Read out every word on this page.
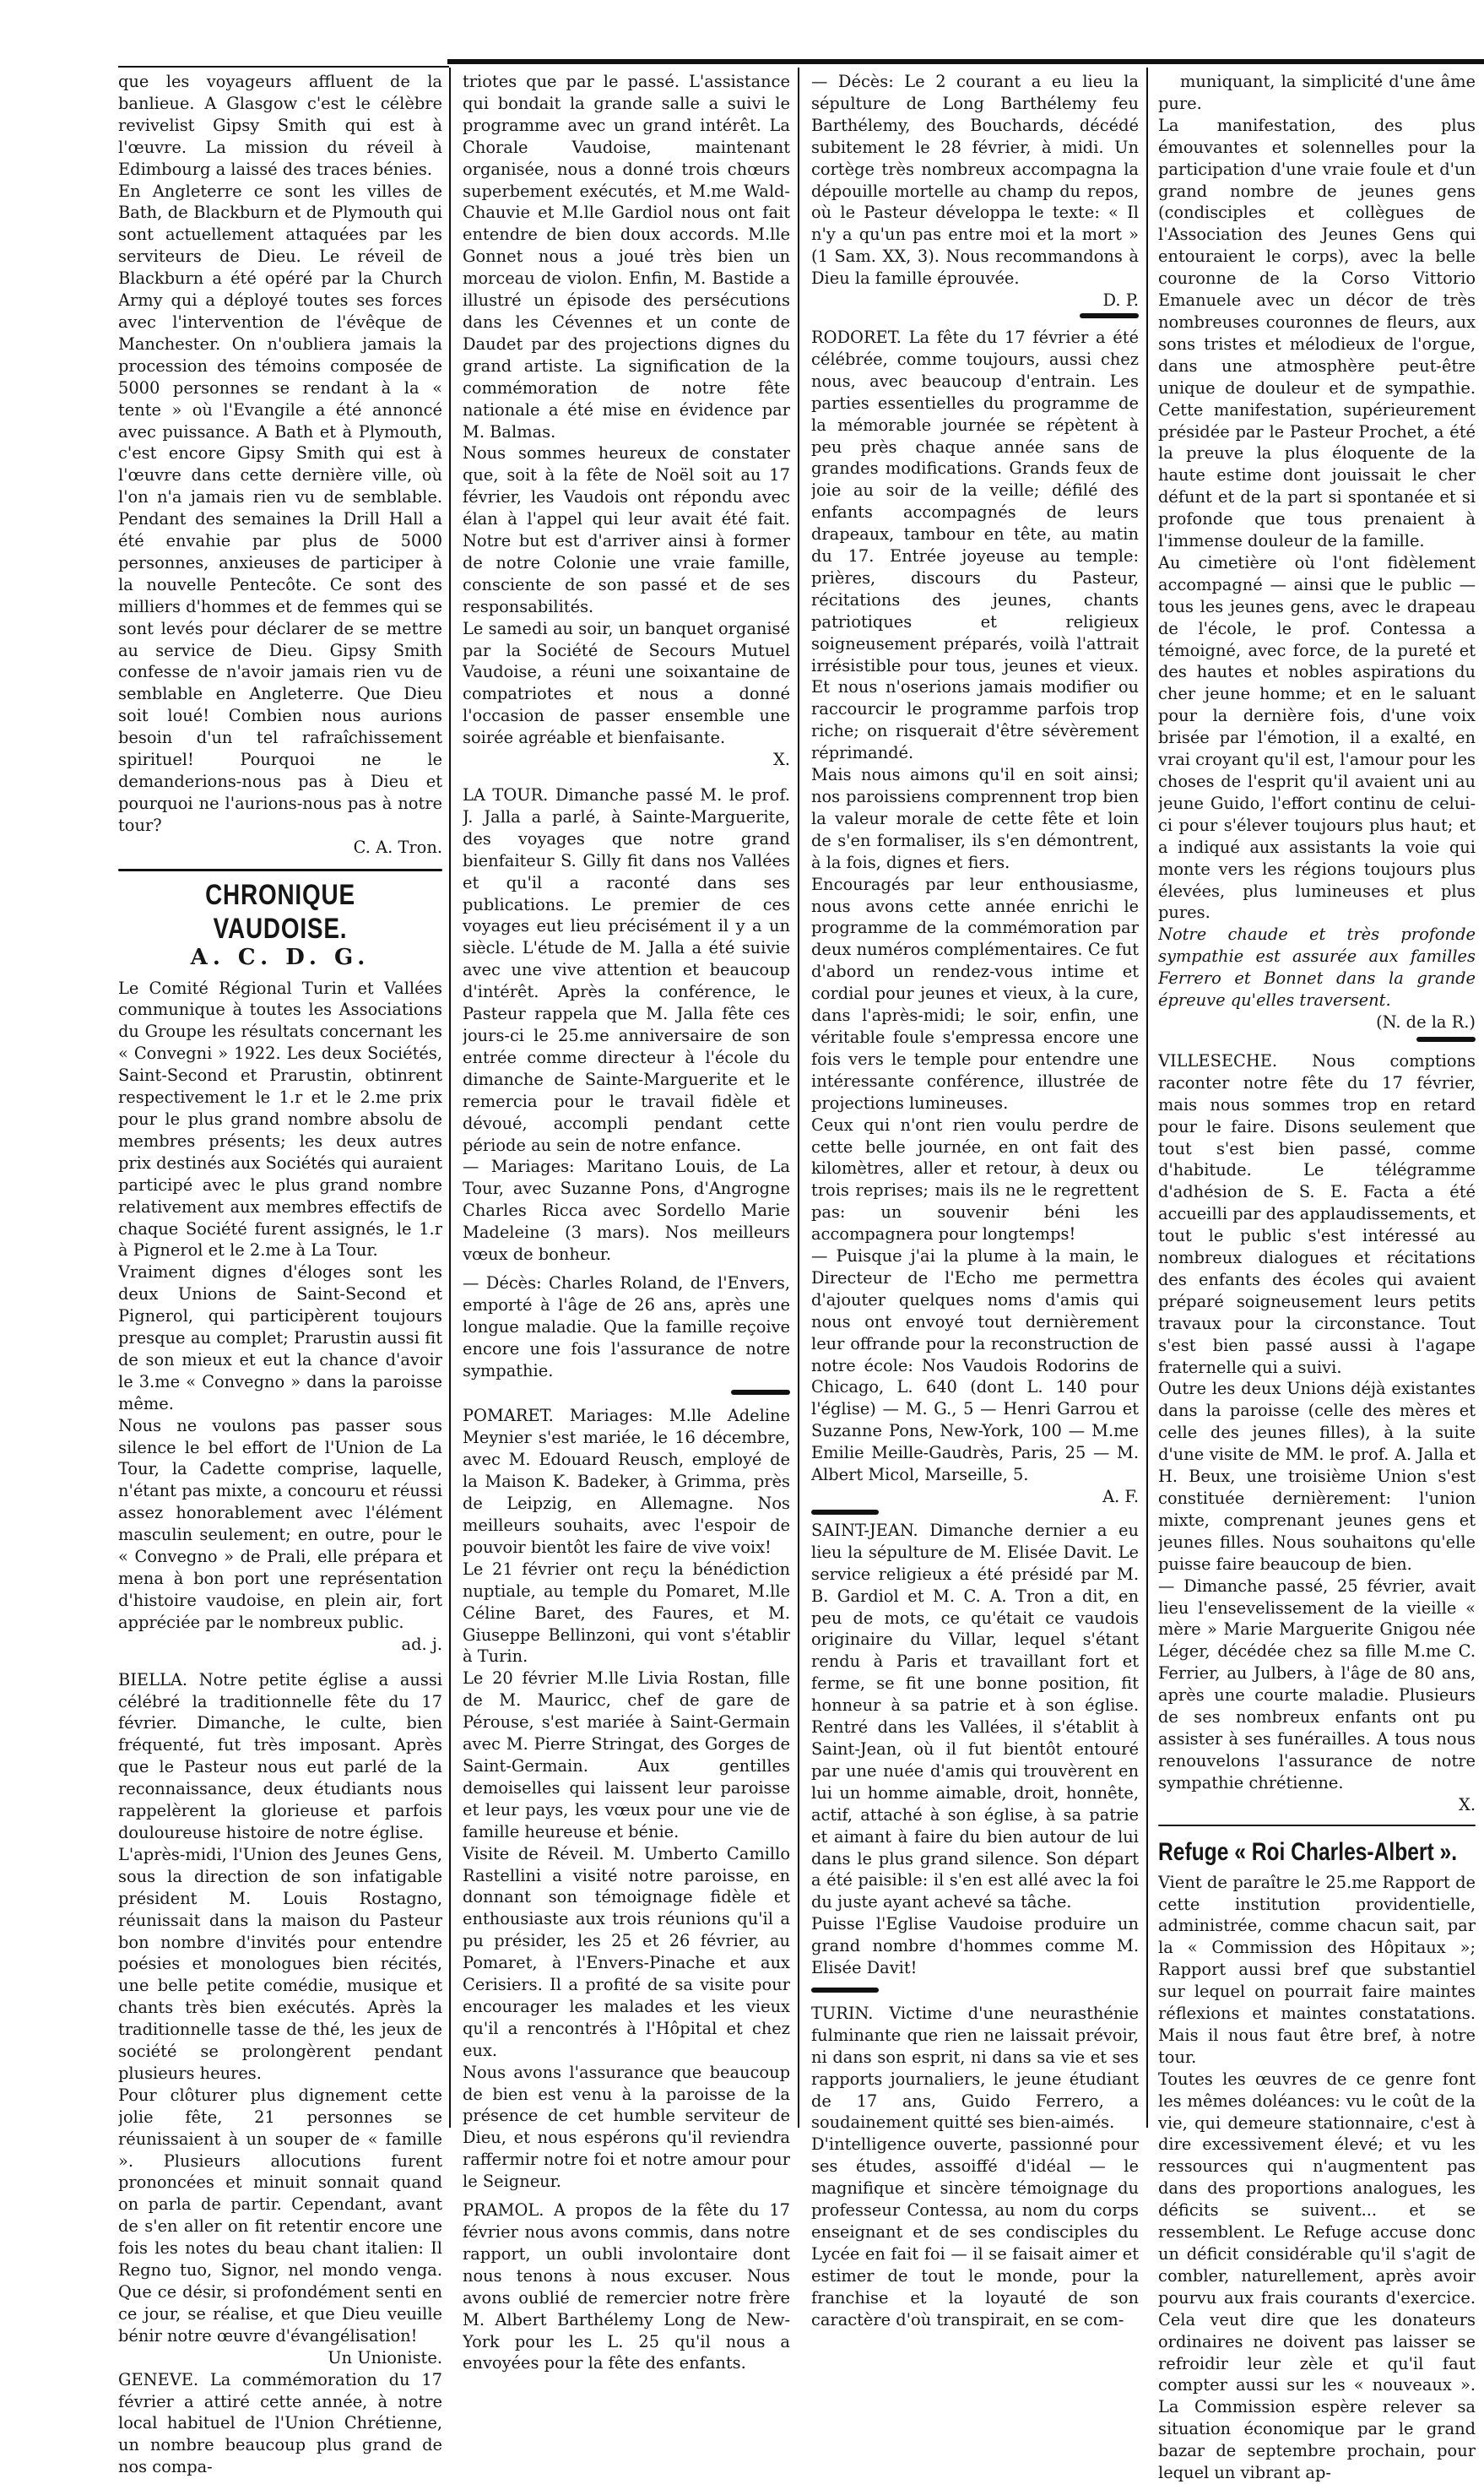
que les voyageurs affluent de la banlieue. A Glasgow c'est le célèbre revivelist Gipsy Smith qui est à l'œuvre. La mission du réveil à Edimbourg a laissé des traces bénies.

En Angleterre ce sont les villes de Bath, de Blackburn et de Plymouth qui sont actuellement attaquées par les serviteurs de Dieu. Le réveil de Blackburn a été opéré par la Church Army qui a déployé toutes ses forces avec l'intervention de l'évêque de Manchester. On n'oubliera jamais la procession des témoins composée de 5000 personnes se rendant à la « tente » où l'Evangile a été annoncé avec puissance. A Bath et à Plymouth, c'est encore Gipsy Smith qui est à l'œuvre dans cette dernière ville, où l'on n'a jamais rien vu de semblable. Pendant des semaines la Drill Hall a été envahie par plus de 5000 personnes, anxieuses de participer à la nouvelle Pentecôte. Ce sont des milliers d'hommes et de femmes qui se sont levés pour déclarer de se mettre au service de Dieu. Gipsy Smith confesse de n'avoir jamais rien vu de semblable en Angleterre. Que Dieu soit loué! Combien nous aurions besoin d'un tel rafraîchissement spirituel! Pourquoi ne le demanderions-nous pas à Dieu et pourquoi ne l'aurions-nous pas à notre tour?

C. A. Tron.

CHRONIQUE VAUDOISE.
A. C. D. G.

Le Comité Régional Turin et Vallées communique à toutes les Associations du Groupe les résultats concernant les « Convegni » 1922. Les deux Sociétés, Saint-Second et Prarustin, obtinrent respectivement le 1.r et le 2.me prix pour le plus grand nombre absolu de membres présents; les deux autres prix destinés aux Sociétés qui auraient participé avec le plus grand nombre relativement aux membres effectifs de chaque Société furent assignés, le 1.r à Pignerol et le 2.me à La Tour.

Vraiment dignes d'éloges sont les deux Unions de Saint-Second et Pignerol, qui participèrent toujours presque au complet; Prarustin aussi fit de son mieux et eut la chance d'avoir le 3.me « Convegno » dans la paroisse même.

Nous ne voulons pas passer sous silence le bel effort de l'Union de La Tour, la Cadette comprise, laquelle, n'étant pas mixte, a concouru et réussi assez honorablement avec l'élément masculin seulement; en outre, pour le « Convegno » de Prali, elle prépara et mena à bon port une représentation d'histoire vaudoise, en plein air, fort appréciée par le nombreux public.

ad. j.

BIELLA. Notre petite église a aussi célébré la traditionnelle fête du 17 février. Dimanche, le culte, bien fréquenté, fut très imposant. Après que le Pasteur nous eut parlé de la reconnaissance, deux étudiants nous rappelèrent la glorieuse et parfois douloureuse histoire de notre église.

L'après-midi, l'Union des Jeunes Gens, sous la direction de son infatigable président M. Louis Rostagno, réunissait dans la maison du Pasteur bon nombre d'invités pour entendre poésies et monologues bien récités, une belle petite comédie, musique et chants très bien exécutés. Après la traditionnelle tasse de thé, les jeux de société se prolongèrent pendant plusieurs heures.

Pour clôturer plus dignement cette jolie fête, 21 personnes se réunissaient à un souper de « famille ». Plusieurs allocutions furent prononcées et minuit sonnait quand on parla de partir. Cependant, avant de s'en aller on fit retentir encore une fois les notes du beau chant italien: Il Regno tuo, Signor, nel mondo venga. Que ce désir, si profondément senti en ce jour, se réalise, et que Dieu veuille bénir notre œuvre d'évangélisation!

Un Unioniste.

GENEVE. La commémoration du 17 février a attiré cette année, à notre local habituel de l'Union Chrétienne, un nombre beaucoup plus grand de nos compa-

triotes que par le passé. L'assistance qui bondait la grande salle a suivi le programme avec un grand intérêt. La Chorale Vaudoise, maintenant organisée, nous a donné trois chœurs superbement exécutés, et M.me Wald-Chauvie et M.lle Gardiol nous ont fait entendre de bien doux accords. M.lle Gonnet nous a joué très bien un morceau de violon. Enfin, M. Bastide a illustré un épisode des persécutions dans les Cévennes et un conte de Daudet par des projections dignes du grand artiste. La signification de la commémoration de notre fête nationale a été mise en évidence par M. Balmas.

Nous sommes heureux de constater que, soit à la fête de Noël soit au 17 février, les Vaudois ont répondu avec élan à l'appel qui leur avait été fait. Notre but est d'arriver ainsi à former de notre Colonie une vraie famille, consciente de son passé et de ses responsabilités.

Le samedi au soir, un banquet organisé par la Société de Secours Mutuel Vaudoise, a réuni une soixantaine de compatriotes et nous a donné l'occasion de passer ensemble une soirée agréable et bienfaisante.

X.

LA TOUR. Dimanche passé M. le prof. J. Jalla a parlé, à Sainte-Marguerite, des voyages que notre grand bienfaiteur S. Gilly fit dans nos Vallées et qu'il a raconté dans ses publications. Le premier de ces voyages eut lieu précisément il y a un siècle. L'étude de M. Jalla a été suivie avec une vive attention et beaucoup d'intérêt. Après la conférence, le Pasteur rappela que M. Jalla fête ces jours-ci le 25.me anniversaire de son entrée comme directeur à l'école du dimanche de Sainte-Marguerite et le remercia pour le travail fidèle et dévoué, accompli pendant cette période au sein de notre enfance.

— Mariages: Maritano Louis, de La Tour, avec Suzanne Pons, d'Angrogne Charles Ricca avec Sordello Marie Madeleine (3 mars). Nos meilleurs vœux de bonheur.

— Décès: Charles Roland, de l'Envers, emporté à l'âge de 26 ans, après une longue maladie. Que la famille reçoive encore une fois l'assurance de notre sympathie.

POMARET. Mariages: M.lle Adeline Meynier s'est mariée, le 16 décembre, avec M. Edouard Reusch, employé de la Maison K. Badeker, à Grimma, près de Leipzig, en Allemagne. Nos meilleurs souhaits, avec l'espoir de pouvoir bientôt les faire de vive voix!

Le 21 février ont reçu la bénédiction nuptiale, au temple du Pomaret, M.lle Céline Baret, des Faures, et M. Giuseppe Bellinzoni, qui vont s'établir à Turin.

Le 20 février M.lle Livia Rostan, fille de M. Mauricc, chef de gare de Pérouse, s'est mariée à Saint-Germain avec M. Pierre Stringat, des Gorges de Saint-Germain. Aux gentilles demoiselles qui laissent leur paroisse et leur pays, les vœux pour une vie de famille heureuse et bénie.

Visite de Réveil. M. Umberto Camillo Rastellini a visité notre paroisse, en donnant son témoignage fidèle et enthousiaste aux trois réunions qu'il a pu présider, les 25 et 26 février, au Pomaret, à l'Envers-Pinache et aux Cerisiers. Il a profité de sa visite pour encourager les malades et les vieux qu'il a rencontrés à l'Hôpital et chez eux.

Nous avons l'assurance que beaucoup de bien est venu à la paroisse de la présence de cet humble serviteur de Dieu, et nous espérons qu'il reviendra raffermir notre foi et notre amour pour le Seigneur.

PRAMOL. A propos de la fête du 17 février nous avons commis, dans notre rapport, un oubli involontaire dont nous tenons à nous excuser. Nous avons oublié de remercier notre frère M. Albert Barthélemy Long de New-York pour les L. 25 qu'il nous a envoyées pour la fête des enfants.

— Décès: Le 2 courant a eu lieu la sépulture de Long Barthélemy feu Barthélemy, des Bouchards, décédé subitement le 28 février, à midi. Un cortège très nombreux accompagna la dépouille mortelle au champ du repos, où le Pasteur développa le texte: « Il n'y a qu'un pas entre moi et la mort » (1 Sam. XX, 3). Nous recommandons à Dieu la famille éprouvée.

D. P.

RODORET. La fête du 17 février a été célébrée, comme toujours, aussi chez nous, avec beaucoup d'entrain. Les parties essentielles du programme de la mémorable journée se répètent à peu près chaque année sans de grandes modifications. Grands feux de joie au soir de la veille; défilé des enfants accompagnés de leurs drapeaux, tambour en tête, au matin du 17. Entrée joyeuse au temple: prières, discours du Pasteur, récitations des jeunes, chants patriotiques et religieux soigneusement préparés, voilà l'attrait irrésistible pour tous, jeunes et vieux. Et nous n'oserions jamais modifier ou raccourcir le programme parfois trop riche; on risquerait d'être sévèrement réprimandé.

Mais nous aimons qu'il en soit ainsi; nos paroissiens comprennent trop bien la valeur morale de cette fête et loin de s'en formaliser, ils s'en démontrent, à la fois, dignes et fiers.

Encouragés par leur enthousiasme, nous avons cette année enrichi le programme de la commémoration par deux numéros complémentaires. Ce fut d'abord un rendez-vous intime et cordial pour jeunes et vieux, à la cure, dans l'après-midi; le soir, enfin, une véritable foule s'empressa encore une fois vers le temple pour entendre une intéressante conférence, illustrée de projections lumineuses.

Ceux qui n'ont rien voulu perdre de cette belle journée, en ont fait des kilomètres, aller et retour, à deux ou trois reprises; mais ils ne le regrettent pas: un souvenir béni les accompagnera pour longtemps!

— Puisque j'ai la plume à la main, le Directeur de l'Echo me permettra d'ajouter quelques noms d'amis qui nous ont envoyé tout dernièrement leur offrande pour la reconstruction de notre école: Nos Vaudois Rodorins de Chicago, L. 640 (dont L. 140 pour l'église) — M. G., 5 — Henri Garrou et Suzanne Pons, New-York, 100 — M.me Emilie Meille-Gaudrès, Paris, 25 — M. Albert Micol, Marseille, 5.

A. F.

SAINT-JEAN. Dimanche dernier a eu lieu la sépulture de M. Elisée Davit. Le service religieux a été présidé par M. B. Gardiol et M. C. A. Tron a dit, en peu de mots, ce qu'était ce vaudois originaire du Villar, lequel s'étant rendu à Paris et travaillant fort et ferme, se fit une bonne position, fit honneur à sa patrie et à son église. Rentré dans les Vallées, il s'établit à Saint-Jean, où il fut bientôt entouré par une nuée d'amis qui trouvèrent en lui un homme aimable, droit, honnête, actif, attaché à son église, à sa patrie et aimant à faire du bien autour de lui dans le plus grand silence. Son départ a été paisible: il s'en est allé avec la foi du juste ayant achevé sa tâche.

Puisse l'Eglise Vaudoise produire un grand nombre d'hommes comme M. Elisée Davit!

TURIN. Victime d'une neurasthénie fulminante que rien ne laissait prévoir, ni dans son esprit, ni dans sa vie et ses rapports journaliers, le jeune étudiant de 17 ans, Guido Ferrero, a soudainement quitté ses bien-aimés.

D'intelligence ouverte, passionné pour ses études, assoiffé d'idéal — le magnifique et sincère témoignage du professeur Contessa, au nom du corps enseignant et de ses condisciples du Lycée en fait foi — il se faisait aimer et estimer de tout le monde, pour la franchise et la loyauté de son caractère d'où transpirait, en se com-

muniquant, la simplicité d'une âme pure.

La manifestation, des plus émouvantes et solennelles pour la participation d'une vraie foule et d'un grand nombre de jeunes gens (condisciples et collègues de l'Association des Jeunes Gens qui entouraient le corps), avec la belle couronne de la Corso Vittorio Emanuele avec un décor de très nombreuses couronnes de fleurs, aux sons tristes et mélodieux de l'orgue, dans une atmosphère peut-être unique de douleur et de sympathie. Cette manifestation, supérieurement présidée par le Pasteur Prochet, a été la preuve la plus éloquente de la haute estime dont jouissait le cher défunt et de la part si spontanée et si profonde que tous prenaient à l'immense douleur de la famille.

Au cimetière où l'ont fidèlement accompagné — ainsi que le public — tous les jeunes gens, avec le drapeau de l'école, le prof. Contessa a témoigné, avec force, de la pureté et des hautes et nobles aspirations du cher jeune homme; et en le saluant pour la dernière fois, d'une voix brisée par l'émotion, il a exalté, en vrai croyant qu'il est, l'amour pour les choses de l'esprit qu'il avaient uni au jeune Guido, l'effort continu de celui-ci pour s'élever toujours plus haut; et a indiqué aux assistants la voie qui monte vers les régions toujours plus élevées, plus lumineuses et plus pures.

Notre chaude et très profonde sympathie est assurée aux familles Ferrero et Bonnet dans la grande épreuve qu'elles traversent.

(N. de la R.)

VILLESECHE. Nous comptions raconter notre fête du 17 février, mais nous sommes trop en retard pour le faire. Disons seulement que tout s'est bien passé, comme d'habitude. Le télégramme d'adhésion de S. E. Facta a été accueilli par des applaudissements, et tout le public s'est intéressé au nombreux dialogues et récitations des enfants des écoles qui avaient préparé soigneusement leurs petits travaux pour la circonstance. Tout s'est bien passé aussi à l'agape fraternelle qui a suivi.

Outre les deux Unions déjà existantes dans la paroisse (celle des mères et celle des jeunes filles), à la suite d'une visite de MM. le prof. A. Jalla et H. Beux, une troisième Union s'est constituée dernièrement: l'union mixte, comprenant jeunes gens et jeunes filles. Nous souhaitons qu'elle puisse faire beaucoup de bien.

— Dimanche passé, 25 février, avait lieu l'ensevelissement de la vieille « mère » Marie Marguerite Gnigou née Léger, décédée chez sa fille M.me C. Ferrier, au Julbers, à l'âge de 80 ans, après une courte maladie. Plusieurs de ses nombreux enfants ont pu assister à ses funérailles. A tous nous renouvelons l'assurance de notre sympathie chrétienne.

X.

Refuge « Roi Charles-Albert ».

Vient de paraître le 25.me Rapport de cette institution providentielle, administrée, comme chacun sait, par la « Commission des Hôpitaux »; Rapport aussi bref que substantiel sur lequel on pourrait faire maintes réflexions et maintes constatations. Mais il nous faut être bref, à notre tour.

Toutes les œuvres de ce genre font les mêmes doléances: vu le coût de la vie, qui demeure stationnaire, c'est à dire excessivement élevé; et vu les ressources qui n'augmentent pas dans des proportions analogues, les déficits se suivent... et se ressemblent. Le Refuge accuse donc un déficit considérable qu'il s'agit de combler, naturellement, après avoir pourvu aux frais courants d'exercice. Cela veut dire que les donateurs ordinaires ne doivent pas laisser se refroidir leur zèle et qu'il faut compter aussi sur les « nouveaux ». La Commission espère relever sa situation économique par le grand bazar de septembre prochain, pour lequel un vibrant ap-
